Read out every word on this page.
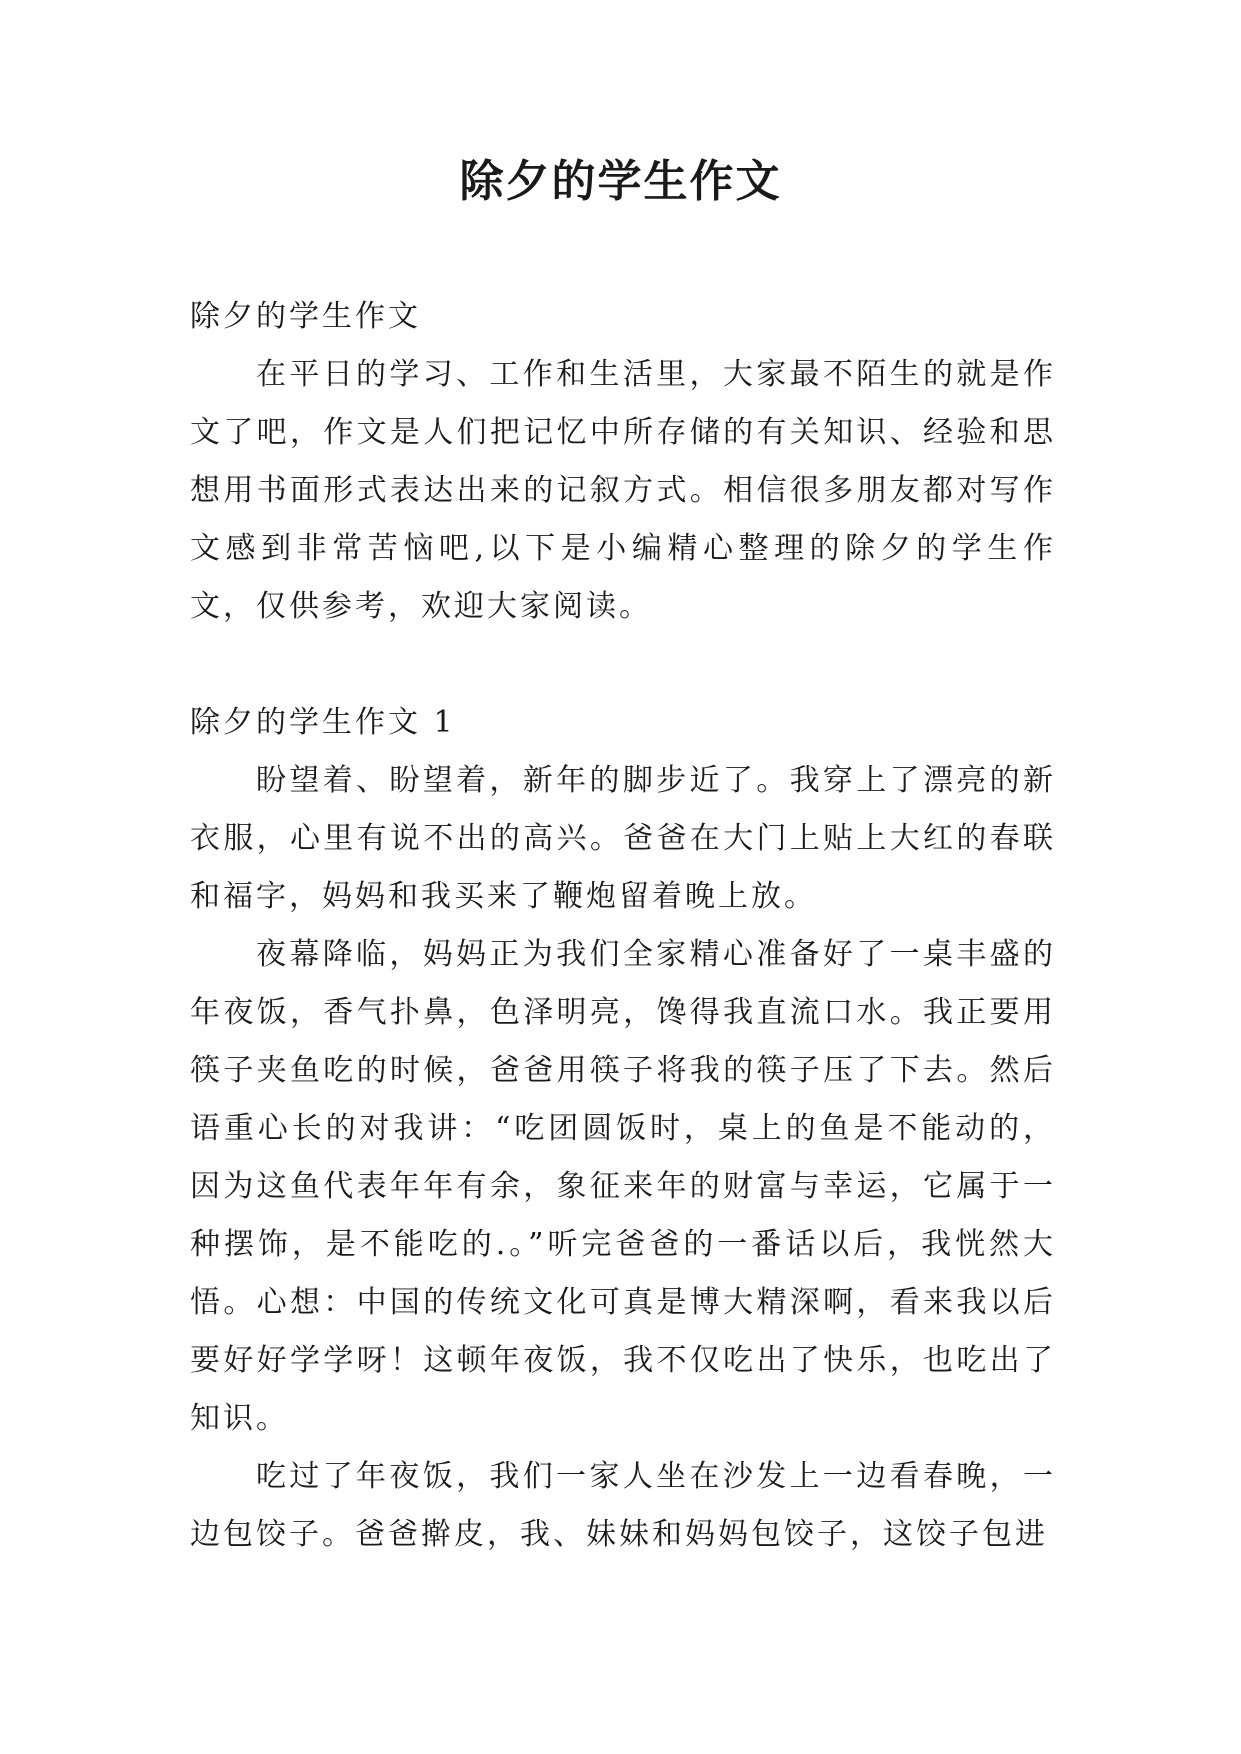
除夕的学生作文

除夕的学生作文

在平日的学习、工作和生活里，大家最不陌生的就是作文了吧，作文是人们把记忆中所存储的有关知识、经验和思想用书面形式表达出来的记叙方式。相信很多朋友都对写作文感到非常苦恼吧,以下是小编精心整理的除夕的学生作文，仅供参考，欢迎大家阅读。

除夕的学生作文 1

盼望着、盼望着，新年的脚步近了。我穿上了漂亮的新衣服，心里有说不出的高兴。爸爸在大门上贴上大红的春联和福字，妈妈和我买来了鞭炮留着晚上放。

夜幕降临，妈妈正为我们全家精心准备好了一桌丰盛的年夜饭，香气扑鼻，色泽明亮，馋得我直流口水。我正要用筷子夹鱼吃的时候，爸爸用筷子将我的筷子压了下去。然后语重心长的对我讲：“吃团圆饭时，桌上的鱼是不能动的，因为这鱼代表年年有余，象征来年的财富与幸运，它属于一种摆饰，是不能吃的.。”听完爸爸的一番话以后，我恍然大悟。心想：中国的传统文化可真是博大精深啊，看来我以后要好好学学呀！这顿年夜饭，我不仅吃出了快乐，也吃出了知识。

吃过了年夜饭，我们一家人坐在沙发上一边看春晚，一边包饺子。爸爸擀皮，我、妹妹和妈妈包饺子，这饺子包进
